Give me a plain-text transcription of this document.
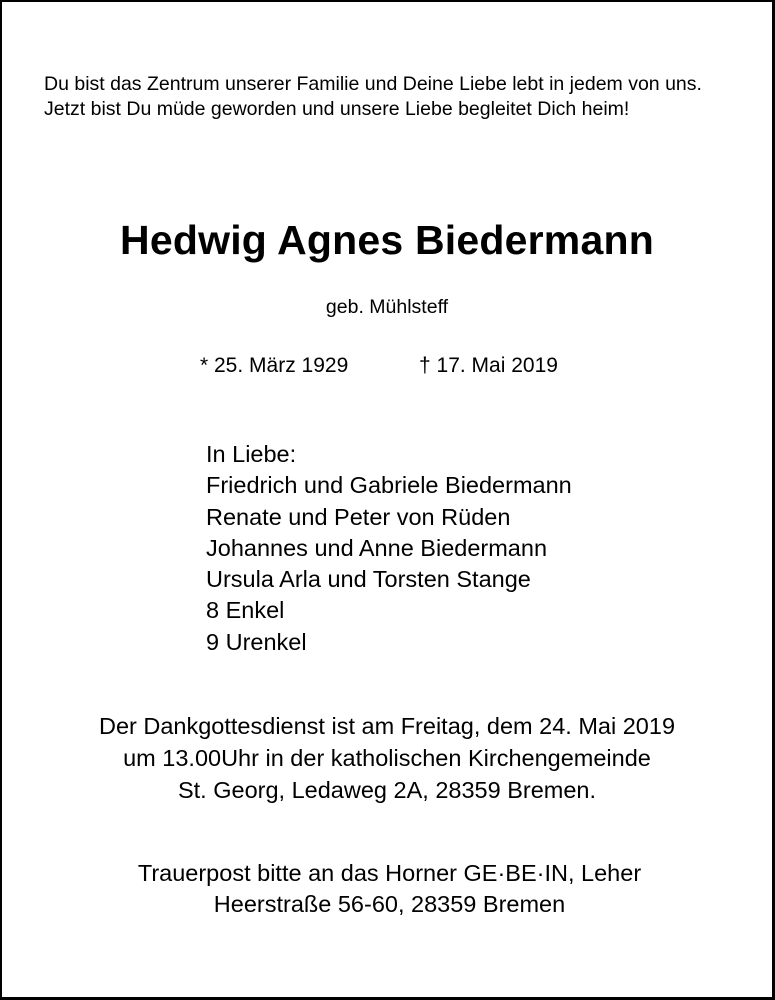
Du bist das Zentrum unserer Familie und Deine Liebe lebt in jedem von uns.

Jetzt bist Du müde geworden und unsere Liebe begleitet Dich heim!

Hedwig Agnes Biedermann

geb. Mühlsteff

* 25. März 1929	† 17. Mai 2019

In Liebe:
Friedrich und Gabriele Biedermann
Renate und Peter von Rüden
Johannes und Anne Biedermann
Ursula Arla und Torsten Stange
8 Enkel
9 Urenkel

Der Dankgottesdienst ist am Freitag, dem 24. Mai 2019

um 13.00Uhr in der katholischen Kirchengemeinde

St. Georg, Ledaweg 2A, 28359 Bremen.

Trauerpost bitte an das Horner GE·BE·IN, Leher

Heerstraße 56-60, 28359 Bremen
